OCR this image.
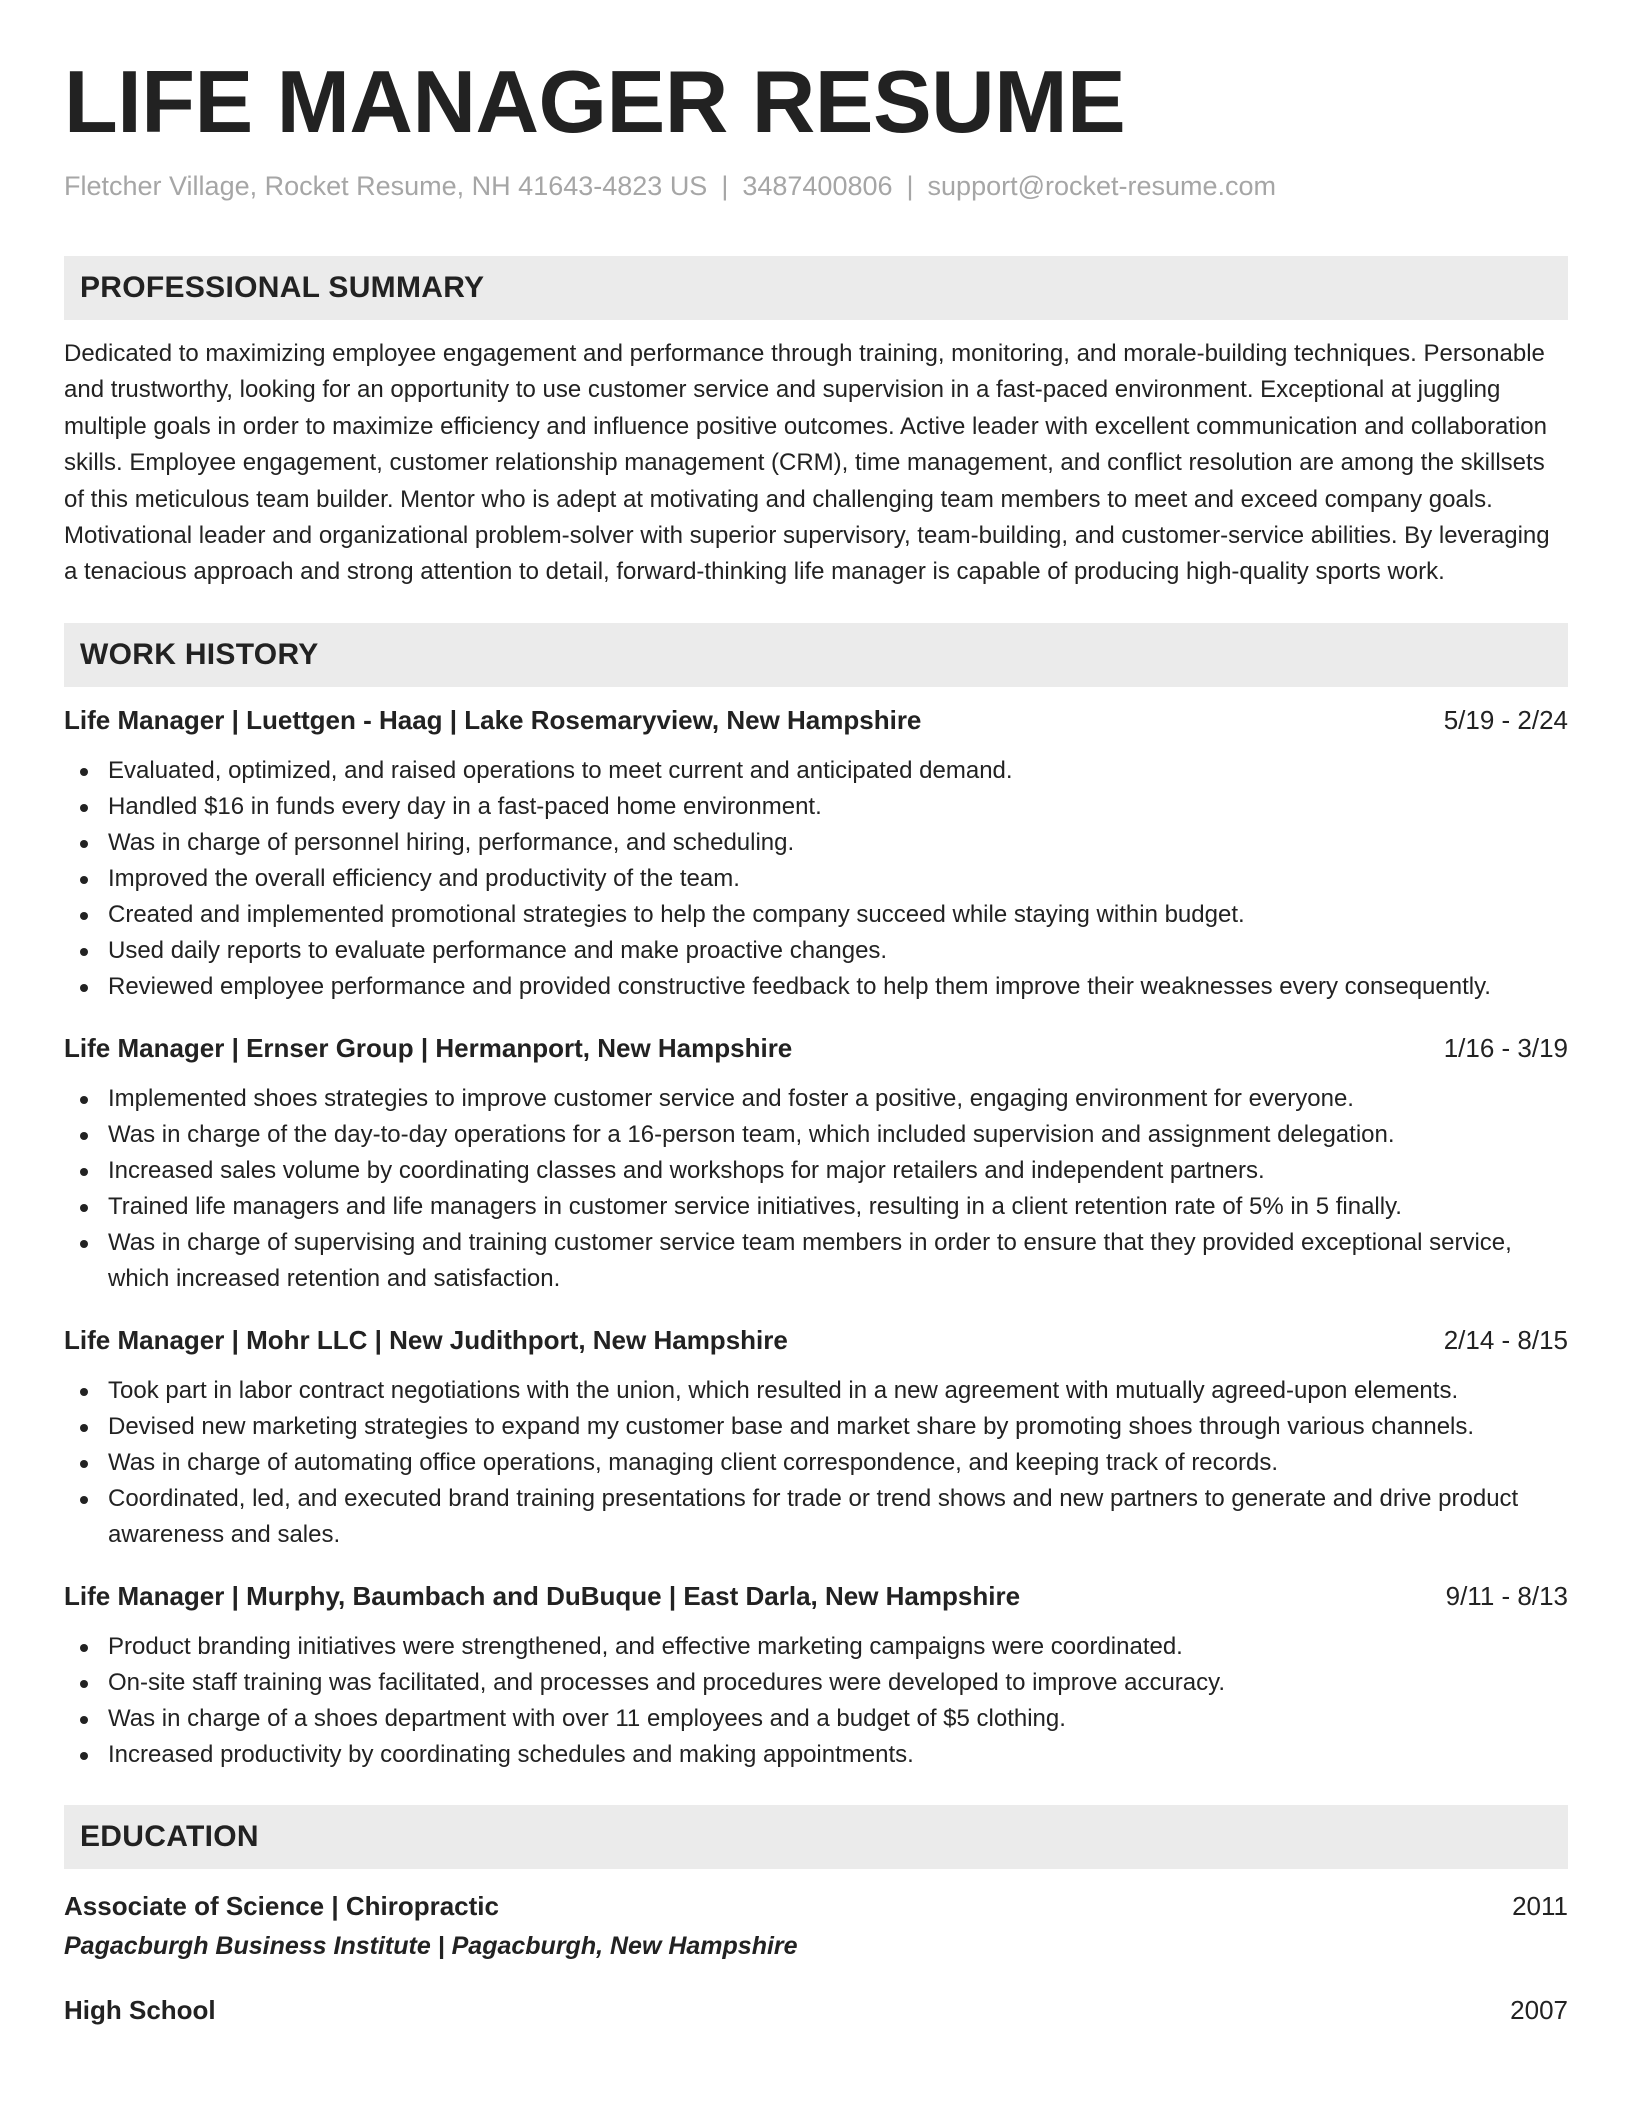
LIFE MANAGER RESUME
Fletcher Village, Rocket Resume, NH 41643-4823 US | 3487400806 | support@rocket-resume.com
PROFESSIONAL SUMMARY
Dedicated to maximizing employee engagement and performance through training, monitoring, and morale-building techniques. Personable and trustworthy, looking for an opportunity to use customer service and supervision in a fast-paced environment. Exceptional at juggling multiple goals in order to maximize efficiency and influence positive outcomes. Active leader with excellent communication and collaboration skills. Employee engagement, customer relationship management (CRM), time management, and conflict resolution are among the skillsets of this meticulous team builder. Mentor who is adept at motivating and challenging team members to meet and exceed company goals. Motivational leader and organizational problem-solver with superior supervisory, team-building, and customer-service abilities. By leveraging a tenacious approach and strong attention to detail, forward-thinking life manager is capable of producing high-quality sports work.
WORK HISTORY
Life Manager | Luettgen - Haag | Lake Rosemaryview, New Hampshire	5/19 - 2/24
Evaluated, optimized, and raised operations to meet current and anticipated demand.
Handled $16 in funds every day in a fast-paced home environment.
Was in charge of personnel hiring, performance, and scheduling.
Improved the overall efficiency and productivity of the team.
Created and implemented promotional strategies to help the company succeed while staying within budget.
Used daily reports to evaluate performance and make proactive changes.
Reviewed employee performance and provided constructive feedback to help them improve their weaknesses every consequently.
Life Manager | Ernser Group | Hermanport, New Hampshire	1/16 - 3/19
Implemented shoes strategies to improve customer service and foster a positive, engaging environment for everyone.
Was in charge of the day-to-day operations for a 16-person team, which included supervision and assignment delegation.
Increased sales volume by coordinating classes and workshops for major retailers and independent partners.
Trained life managers and life managers in customer service initiatives, resulting in a client retention rate of 5% in 5 finally.
Was in charge of supervising and training customer service team members in order to ensure that they provided exceptional service, which increased retention and satisfaction.
Life Manager | Mohr LLC | New Judithport, New Hampshire	2/14 - 8/15
Took part in labor contract negotiations with the union, which resulted in a new agreement with mutually agreed-upon elements.
Devised new marketing strategies to expand my customer base and market share by promoting shoes through various channels.
Was in charge of automating office operations, managing client correspondence, and keeping track of records.
Coordinated, led, and executed brand training presentations for trade or trend shows and new partners to generate and drive product awareness and sales.
Life Manager | Murphy, Baumbach and DuBuque | East Darla, New Hampshire	9/11 - 8/13
Product branding initiatives were strengthened, and effective marketing campaigns were coordinated.
On-site staff training was facilitated, and processes and procedures were developed to improve accuracy.
Was in charge of a shoes department with over 11 employees and a budget of $5 clothing.
Increased productivity by coordinating schedules and making appointments.
EDUCATION
Associate of Science | Chiropractic	2011
Pagacburgh Business Institute | Pagacburgh, New Hampshire
High School	2007
